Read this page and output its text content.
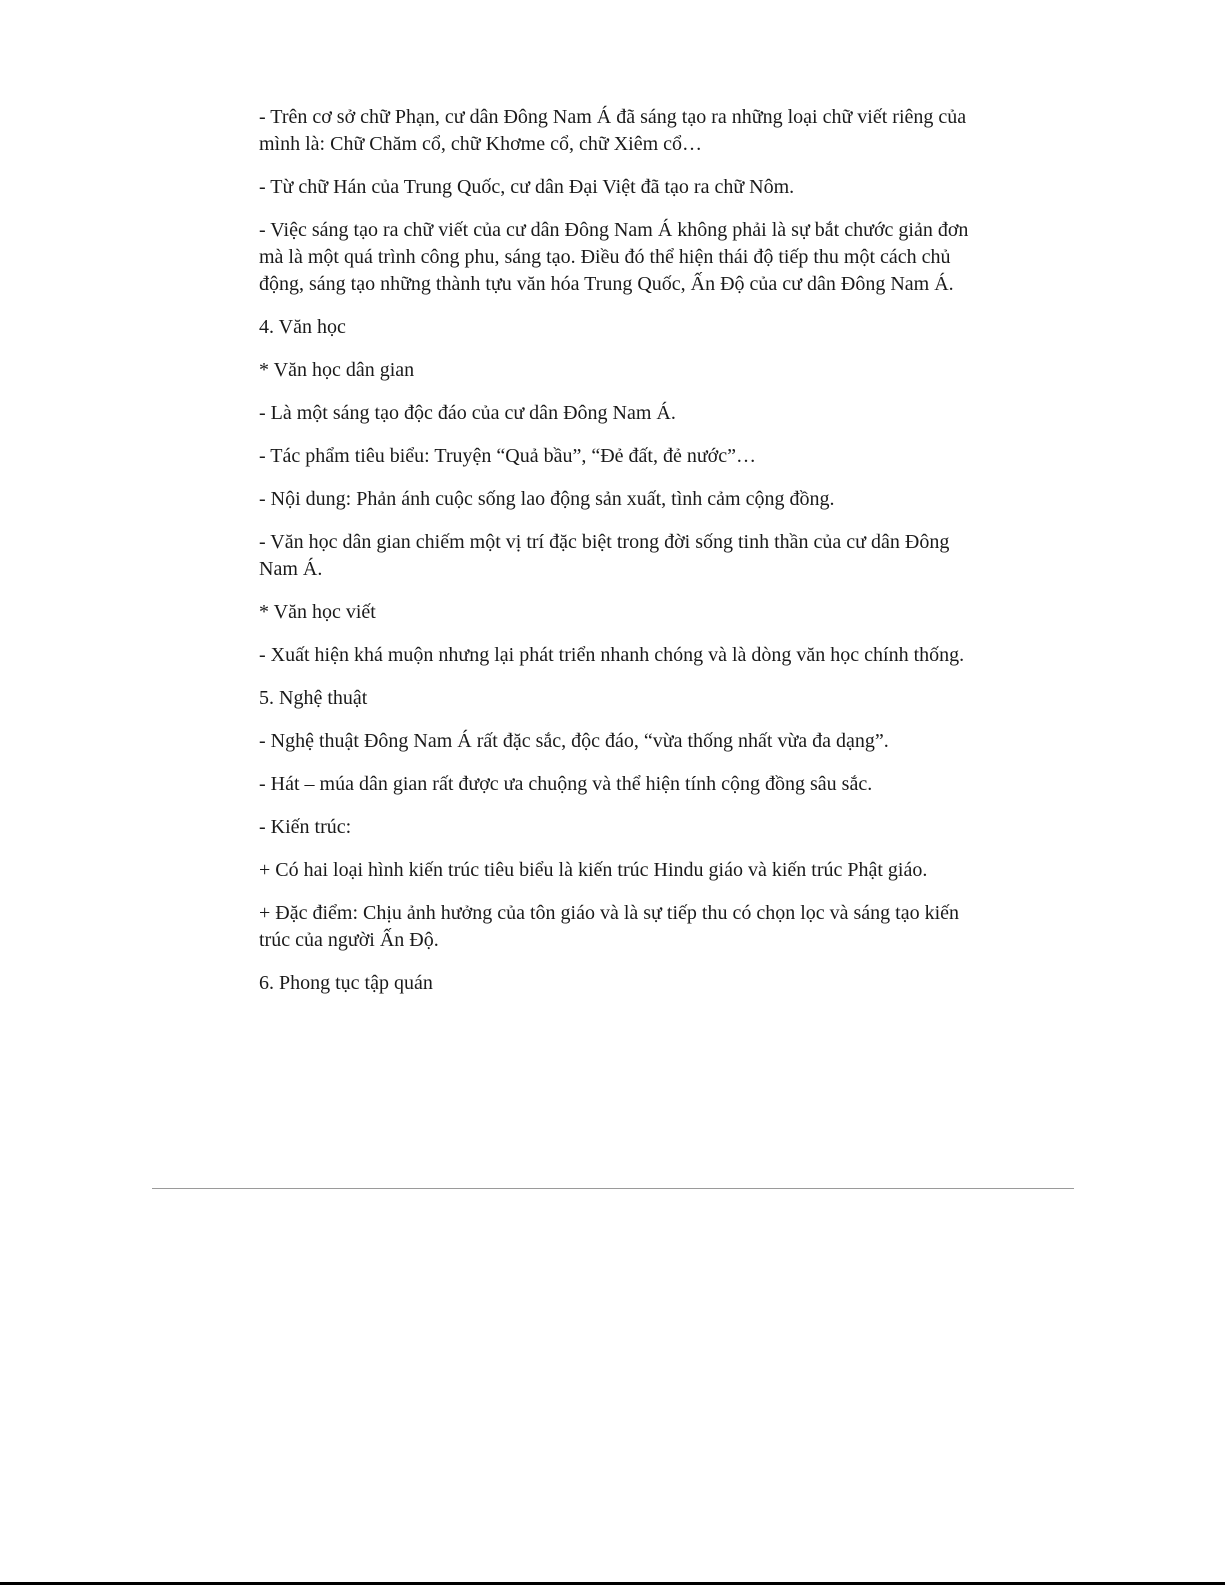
- Trên cơ sở chữ Phạn, cư dân Đông Nam Á đã sáng tạo ra những loại chữ viết riêng của mình là: Chữ Chăm cổ, chữ Khơme cổ, chữ Xiêm cổ…

- Từ chữ Hán của Trung Quốc, cư dân Đại Việt đã tạo ra chữ Nôm.

- Việc sáng tạo ra chữ viết của cư dân Đông Nam Á không phải là sự bắt chước giản đơn mà là một quá trình công phu, sáng tạo. Điều đó thể hiện thái độ tiếp thu một cách chủ động, sáng tạo những thành tựu văn hóa Trung Quốc, Ấn Độ của cư dân Đông Nam Á.

4. Văn học

* Văn học dân gian

- Là một sáng tạo độc đáo của cư dân Đông Nam Á.

- Tác phẩm tiêu biểu: Truyện “Quả bầu”, “Đẻ đất, đẻ nước”…

- Nội dung: Phản ánh cuộc sống lao động sản xuất, tình cảm cộng đồng.

- Văn học dân gian chiếm một vị trí đặc biệt trong đời sống tinh thần của cư dân Đông Nam Á.

* Văn học viết

- Xuất hiện khá muộn nhưng lại phát triển nhanh chóng và là dòng văn học chính thống.

5. Nghệ thuật

- Nghệ thuật Đông Nam Á rất đặc sắc, độc đáo, “vừa thống nhất vừa đa dạng”.

- Hát – múa dân gian rất được ưa chuộng và thể hiện tính cộng đồng sâu sắc.

- Kiến trúc:

+ Có hai loại hình kiến trúc tiêu biểu là kiến trúc Hindu giáo và kiến trúc Phật giáo.

+ Đặc điểm: Chịu ảnh hưởng của tôn giáo và là sự tiếp thu có chọn lọc và sáng tạo kiến trúc của người Ấn Độ.

6. Phong tục tập quán
